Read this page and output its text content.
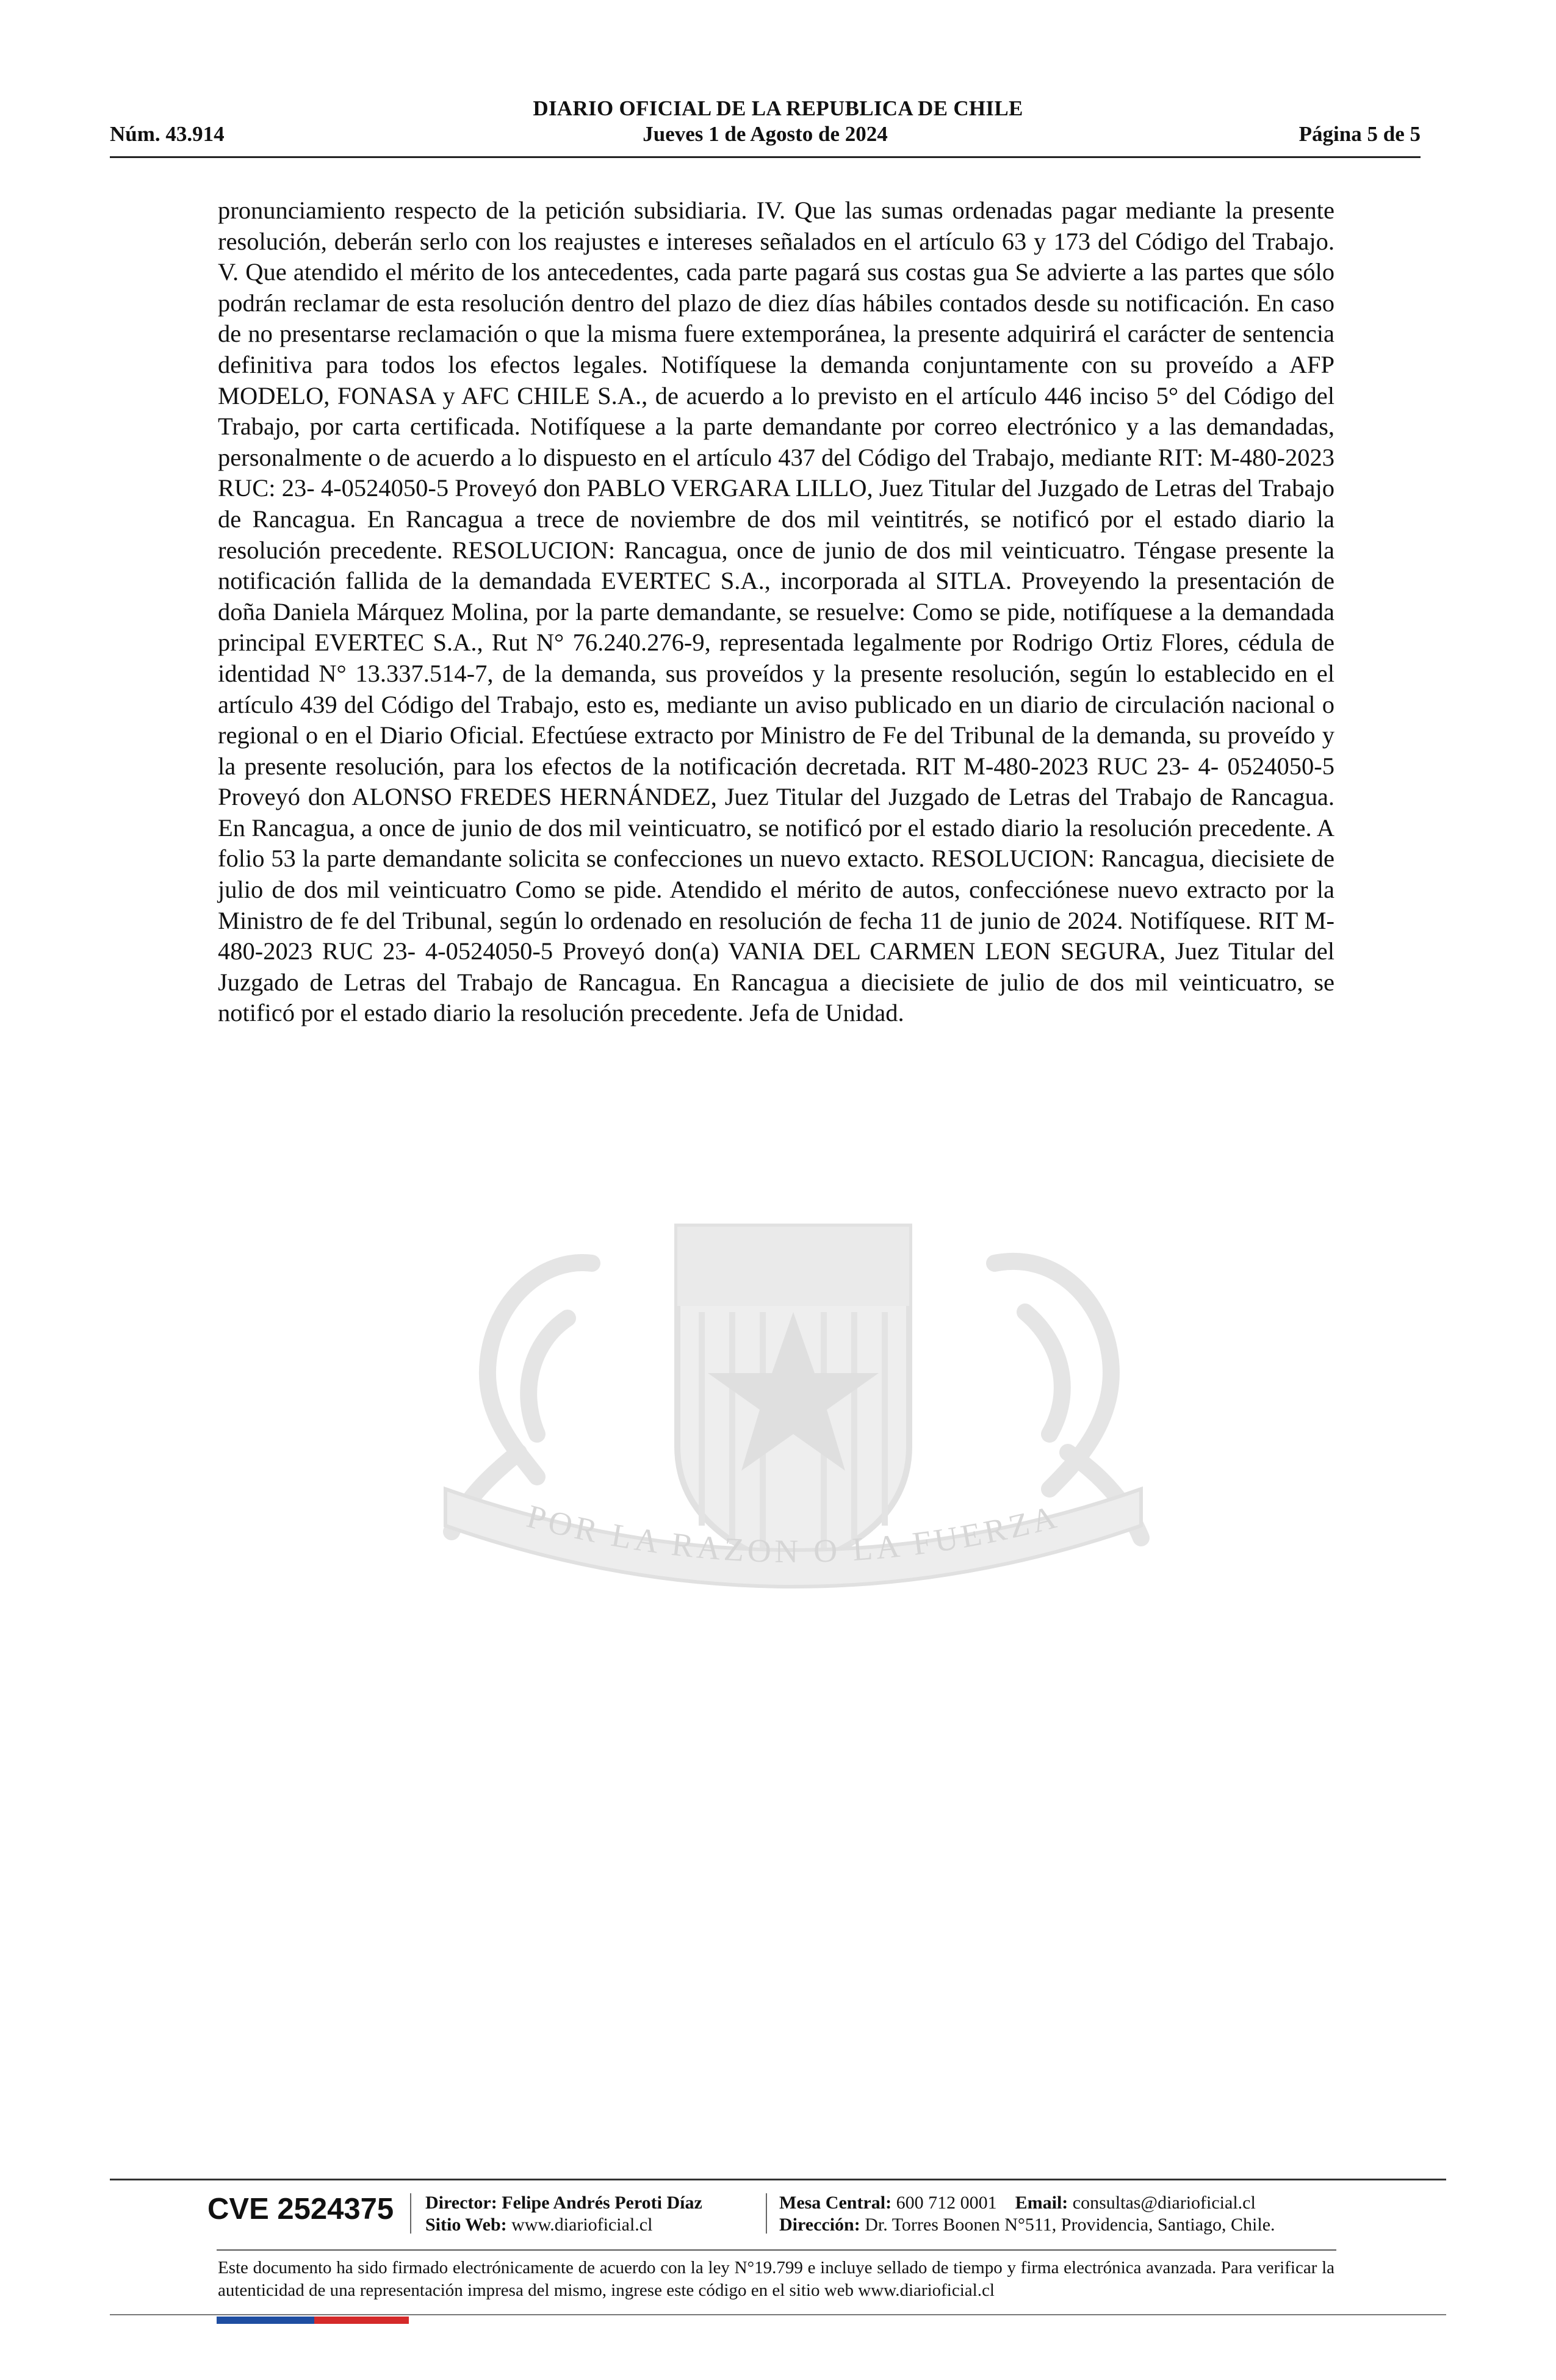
POR LA RAZON O LA FUERZA
DIARIO OFICIAL DE LA REPUBLICA DE CHILE
Núm. 43.914	Jueves 1 de Agosto de 2024	Página 5 de 5

pronunciamiento respecto de la petición subsidiaria. IV. Que las sumas ordenadas pagar mediante la presente resolución, deberán serlo con los reajustes e intereses señalados en el artículo 63 y 173 del Código del Trabajo. V. Que atendido el mérito de los antecedentes, cada parte pagará sus costas gua Se advierte a las partes que sólo podrán reclamar de esta resolución dentro del plazo de diez días hábiles contados desde su notificación. En caso de no presentarse reclamación o que la misma fuere extemporánea, la presente adquirirá el carácter de sentencia definitiva para todos los efectos legales. Notifíquese la demanda conjuntamente con su proveído a AFP MODELO, FONASA y AFC CHILE S.A., de acuerdo a lo previsto en el artículo 446 inciso 5° del Código del Trabajo, por carta certificada. Notifíquese a la parte demandante por correo electrónico y a las demandadas, personalmente o de acuerdo a lo dispuesto en el artículo 437 del Código del Trabajo, mediante RIT: M-480-2023 RUC: 23- 4-0524050-5 Proveyó don PABLO VERGARA LILLO, Juez Titular del Juzgado de Letras del Trabajo de Rancagua. En Rancagua a trece de noviembre de dos mil veintitrés, se notificó por el estado diario la resolución precedente. RESOLUCION: Rancagua, once de junio de dos mil veinticuatro. Téngase presente la notificación fallida de la demandada EVERTEC S.A., incorporada al SITLA. Proveyendo la presentación de doña Daniela Márquez Molina, por la parte demandante, se resuelve: Como se pide, notifíquese a la demandada principal EVERTEC S.A., Rut N° 76.240.276-9, representada legalmente por Rodrigo Ortiz Flores, cédula de identidad N° 13.337.514-7, de la demanda, sus proveídos y la presente resolución, según lo establecido en el artículo 439 del Código del Trabajo, esto es, mediante un aviso publicado en un diario de circulación nacional o regional o en el Diario Oficial. Efectúese extracto por Ministro de Fe del Tribunal de la demanda, su proveído y la presente resolución, para los efectos de la notificación decretada. RIT M-480-2023 RUC 23- 4- 0524050-5 Proveyó don ALONSO FREDES HERNÁNDEZ, Juez Titular del Juzgado de Letras del Trabajo de Rancagua. En Rancagua, a once de junio de dos mil veinticuatro, se notificó por el estado diario la resolución precedente. A folio 53 la parte demandante solicita se confecciones un nuevo extacto. RESOLUCION: Rancagua, diecisiete de julio de dos mil veinticuatro Como se pide. Atendido el mérito de autos, confecciónese nuevo extracto por la Ministro de fe del Tribunal, según lo ordenado en resolución de fecha 11 de junio de 2024. Notifíquese. RIT M-480-2023 RUC 23- 4-0524050-5 Proveyó don(a) VANIA DEL CARMEN LEON SEGURA, Juez Titular del Juzgado de Letras del Trabajo de Rancagua. En Rancagua a diecisiete de julio de dos mil veinticuatro, se notificó por el estado diario la resolución precedente. Jefa de Unidad.

CVE 2524375 Director: Felipe Andrés Peroti Díaz
Sitio Web: www.diarioficial.cl
Mesa Central: 600 712 0001 Email: consultas@diarioficial.cl
Dirección: Dr. Torres Boonen N°511, Providencia, Santiago, Chile.
Este documento ha sido firmado electrónicamente de acuerdo con la ley N°19.799 e incluye sellado de tiempo y firma electrónica avanzada. Para verificar la autenticidad de una representación impresa del mismo, ingrese este código en el sitio web www.diarioficial.cl
